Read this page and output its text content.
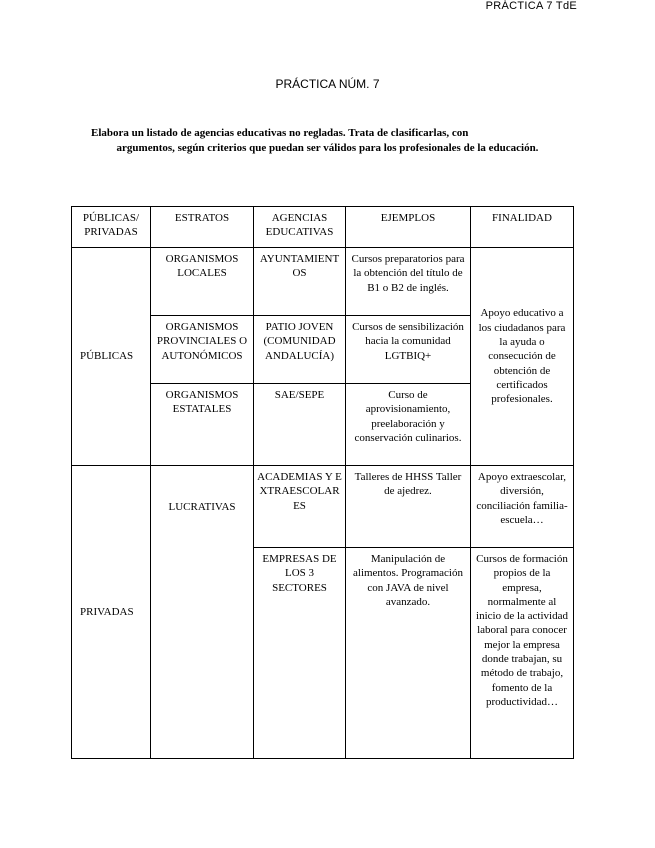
PRÁCTICA 7 TdE
PRÁCTICA NÚM. 7
Elabora un listado de agencias educativas no regladas. Trata de clasificarlas, con
argumentos, según criterios que puedan ser válidos para los profesionales de la educación.
PÚBLICAS/ PRIVADAS	ESTRATOS	AGENCIAS EDUCATIVAS	EJEMPLOS	FINALIDAD
PÚBLICAS	ORGANISMOS LOCALES	AYUNTAMIENTOS	Cursos preparatorios para la obtención del título de B1 o B2 de inglés.	Apoyo educativo a los ciudadanos para la ayuda o consecución de obtención de certificados profesionales.
	ORGANISMOS PROVINCIALES O AUTONÓMICOS	PATIO JOVEN (COMUNIDAD ANDALUCÍA)	Cursos de sensibilización hacia la comunidad LGTBIQ+	
	ORGANISMOS ESTATALES	SAE/SEPE	Curso de aprovisionamiento, preelaboración y conservación culinarios.	
PRIVADAS	LUCRATIVAS	ACADEMIAS Y EXTRAESCOLARES	Talleres de HHSS Taller de ajedrez.	Apoyo extraescolar, diversión, conciliación familia-escuela…
		EMPRESAS DE LOS 3 SECTORES	Manipulación de alimentos. Programación con JAVA de nivel avanzado.	Cursos de formación propios de la empresa, normalmente al inicio de la actividad laboral para conocer mejor la empresa donde trabajan, su método de trabajo, fomento de la productividad…
